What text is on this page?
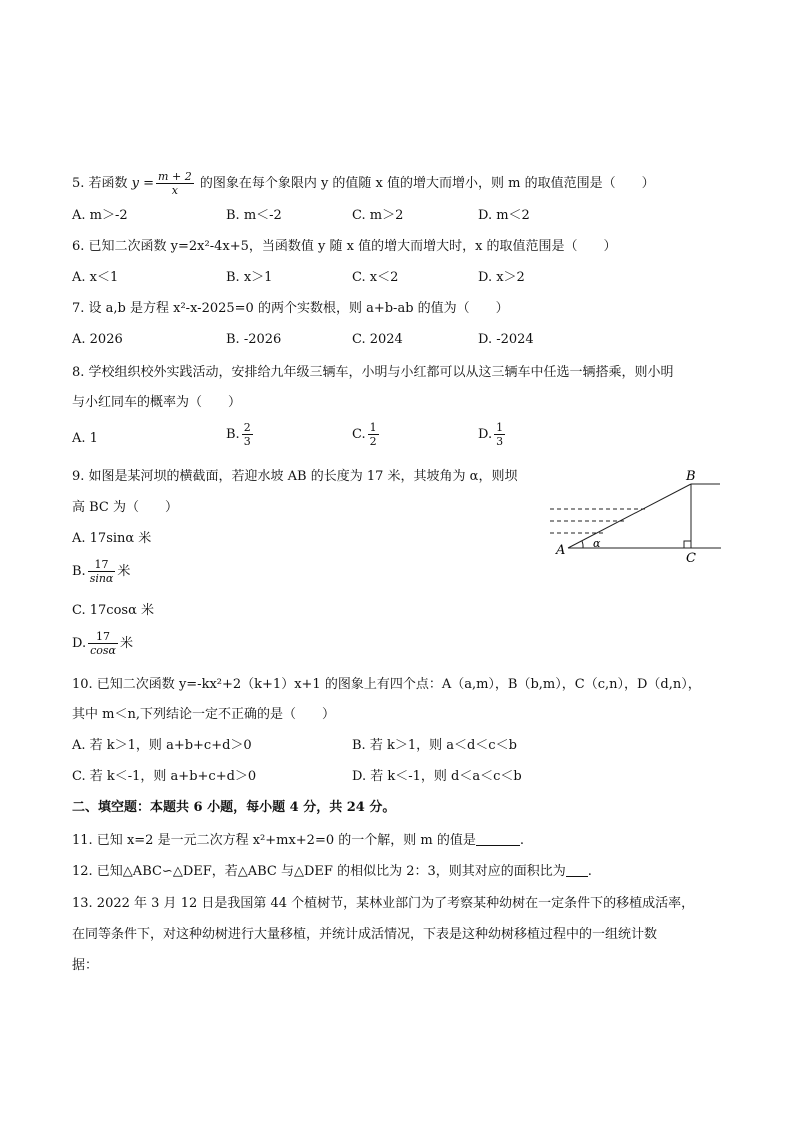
5. 若函数 $y = \frac{m + 2}{x}$ 的图象在每个象限内 y 的值随 x 值的增大而增小，则 m 的取值范围是（　　）
A. m＞-2	B. m＜-2	C. m＞2	D. m＜2
6. 已知二次函数 y=2x²-4x+5，当函数值 y 随 x 值的增大而增大时，x 的取值范围是（　　）
A. x＜1	B. x＞1	C. x＜2	D. x＞2
7. 设 a,b 是方程 x²-x-2025=0 的两个实数根，则 a+b-ab 的值为（　　）
A. 2026	B. -2026	C. 2024	D. -2024
8. 学校组织校外实践活动，安排给九年级三辆车，小明与小红都可以从这三辆车中任选一辆搭乘，则小明
与小红同车的概率为（　　）
A. 1	B. $\frac{2}{3}$	C. $\frac{1}{2}$	D. $\frac{1}{3}$
9. 如图是某河坝的横截面，若迎水坡 AB 的长度为 17 米，其坡角为 α，则坝
高 BC 为（　　）
A. 17sinα 米
B. $\frac{17}{\sin\alpha}$ 米
C. 17cosα 米
D. $\frac{17}{\cos\alpha}$ 米
A
B
C
α
10. 已知二次函数 y=-kx²+2（k+1）x+1 的图象上有四个点：A（a,m），B（b,m），C（c,n），D（d,n），
其中 m＜n,下列结论一定不正确的是（　　）
A. 若 k＞1，则 a+b+c+d＞0	B. 若 k＞1，则 a＜d＜c＜b
C. 若 k＜-1，则 a+b+c+d＞0	D. 若 k＜-1，则 d＜a＜c＜b
二、填空题：本题共 6 小题，每小题 4 分，共 24 分。
11. 已知 x=2 是一元二次方程 x²+mx+2=0 的一个解，则 m 的值是	.
12. 已知△ABC∽△DEF，若△ABC 与△DEF 的相似比为 2：3，则其对应的面积比为 .
13. 2022 年 3 月 12 日是我国第 44 个植树节，某林业部门为了考察某种幼树在一定条件下的移植成活率，
在同等条件下，对这种幼树进行大量移植，并统计成活情况，下表是这种幼树移植过程中的一组统计数
据：
